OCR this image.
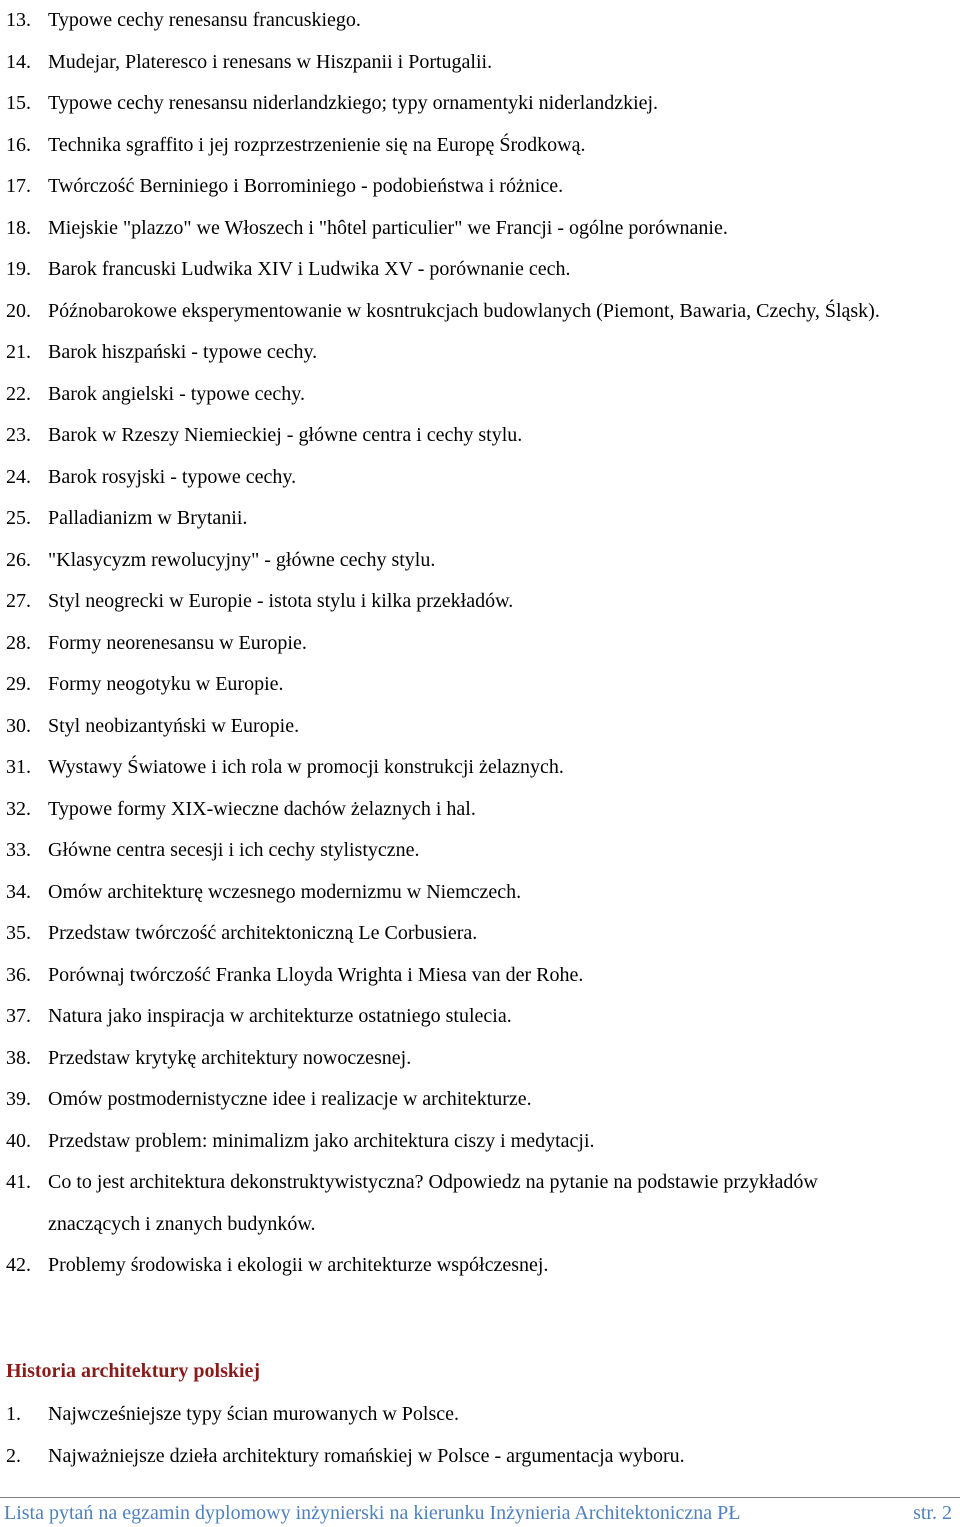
13. Typowe cechy renesansu francuskiego.
14. Mudejar, Plateresco i renesans w Hiszpanii i Portugalii.
15. Typowe cechy renesansu niderlandzkiego; typy ornamentyki niderlandzkiej.
16. Technika sgraffito i jej rozprzestrzenienie się na Europę Środkową.
17. Twórczość Berniniego i Borrominiego - podobieństwa i różnice.
18. Miejskie "plazzo" we Włoszech i "hôtel particulier" we Francji - ogólne porównanie.
19. Barok francuski Ludwika XIV i Ludwika XV - porównanie cech.
20. Późnobarokowe eksperymentowanie w kosntrukcjach budowlanych (Piemont, Bawaria, Czechy, Śląsk).
21. Barok hiszpański - typowe cechy.
22. Barok angielski - typowe cechy.
23. Barok w Rzeszy Niemieckiej - główne centra i cechy stylu.
24. Barok rosyjski - typowe cechy.
25. Palladianizm w Brytanii.
26. "Klasycyzm rewolucyjny" - główne cechy stylu.
27. Styl neogrecki w Europie - istota stylu i kilka przekładów.
28. Formy neorenesansu w Europie.
29. Formy neogotyku w Europie.
30. Styl neobizantyński w Europie.
31. Wystawy Światowe i ich rola w promocji konstrukcji żelaznych.
32. Typowe formy XIX-wieczne dachów żelaznych i hal.
33. Główne centra secesji i ich cechy stylistyczne.
34. Omów architekturę wczesnego modernizmu w Niemczech.
35. Przedstaw twórczość architektoniczną Le Corbusiera.
36. Porównaj twórczość Franka Lloyda Wrighta i Miesa van der Rohe.
37. Natura jako inspiracja w architekturze ostatniego stulecia.
38. Przedstaw krytykę architektury nowoczesnej.
39. Omów postmodernistyczne idee i realizacje w architekturze.
40. Przedstaw problem: minimalizm jako architektura ciszy i medytacji.
41. Co to jest architektura dekonstruktywistyczna? Odpowiedz na pytanie na podstawie przykładów znaczących i znanych budynków.
42. Problemy środowiska i ekologii w architekturze współczesnej.
Historia architektury polskiej
1.	Najwcześniejsze typy ścian murowanych w Polsce.
2.	Najważniejsze dzieła architektury romańskiej w Polsce - argumentacja wyboru.
Lista pytań na egzamin dyplomowy inżynierski na kierunku Inżynieria Architektoniczna PŁ	str. 2
